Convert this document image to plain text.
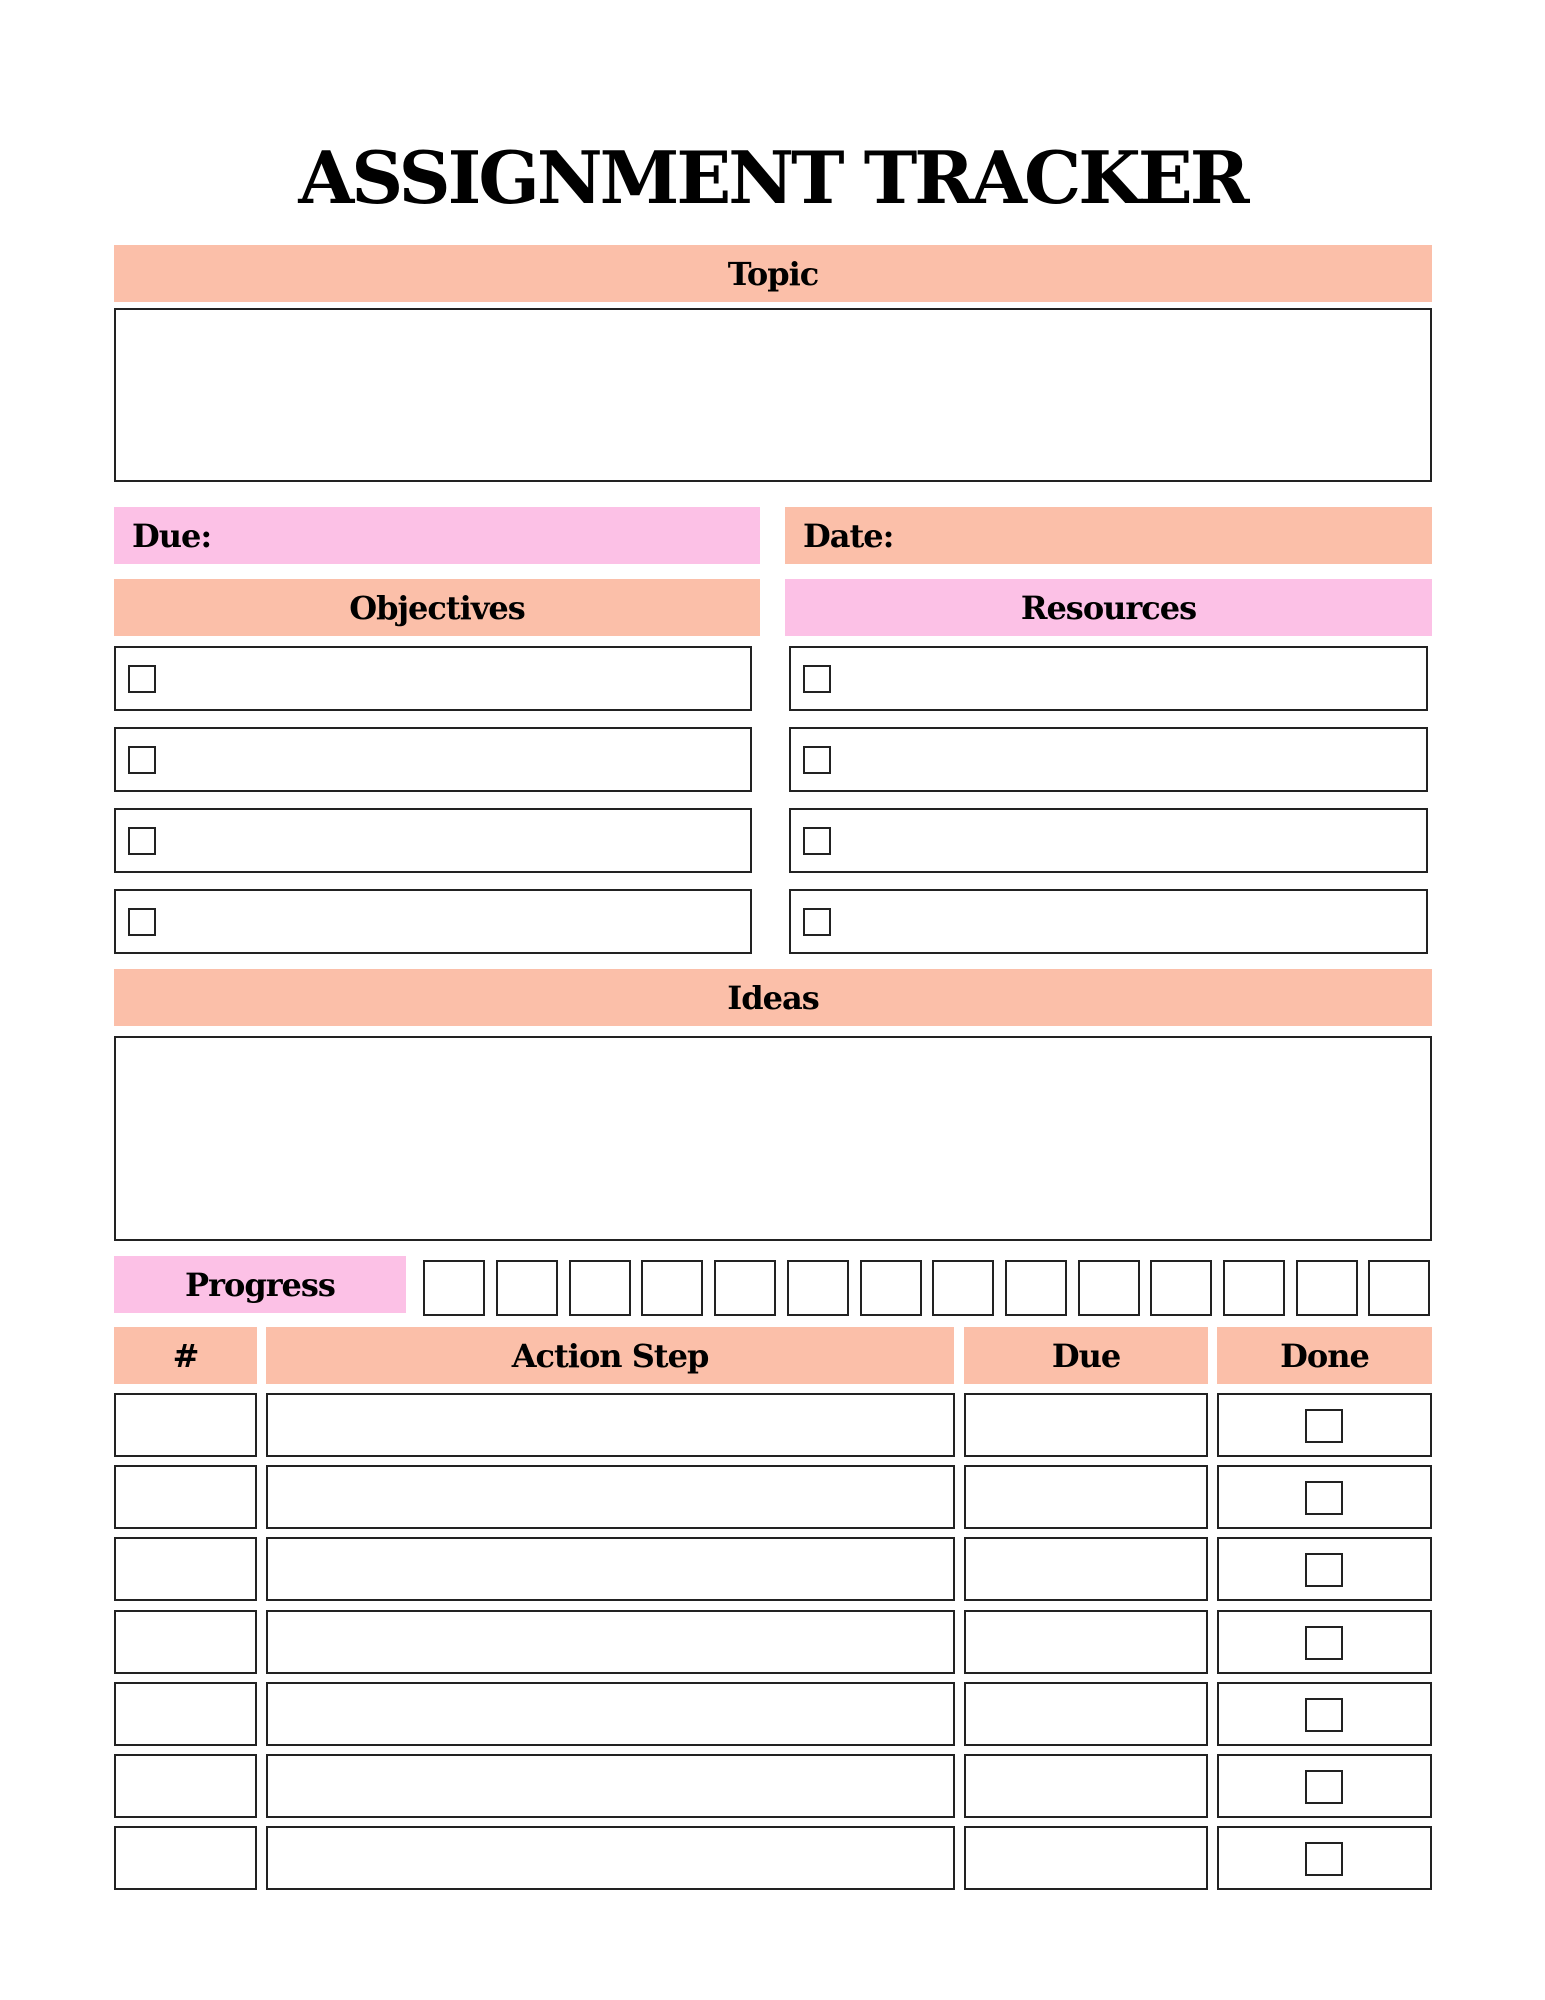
ASSIGNMENT TRACKER
Topic
Due:	Date:
Objectives	Resources
Ideas
Progress
#	Action Step	Due	Done
